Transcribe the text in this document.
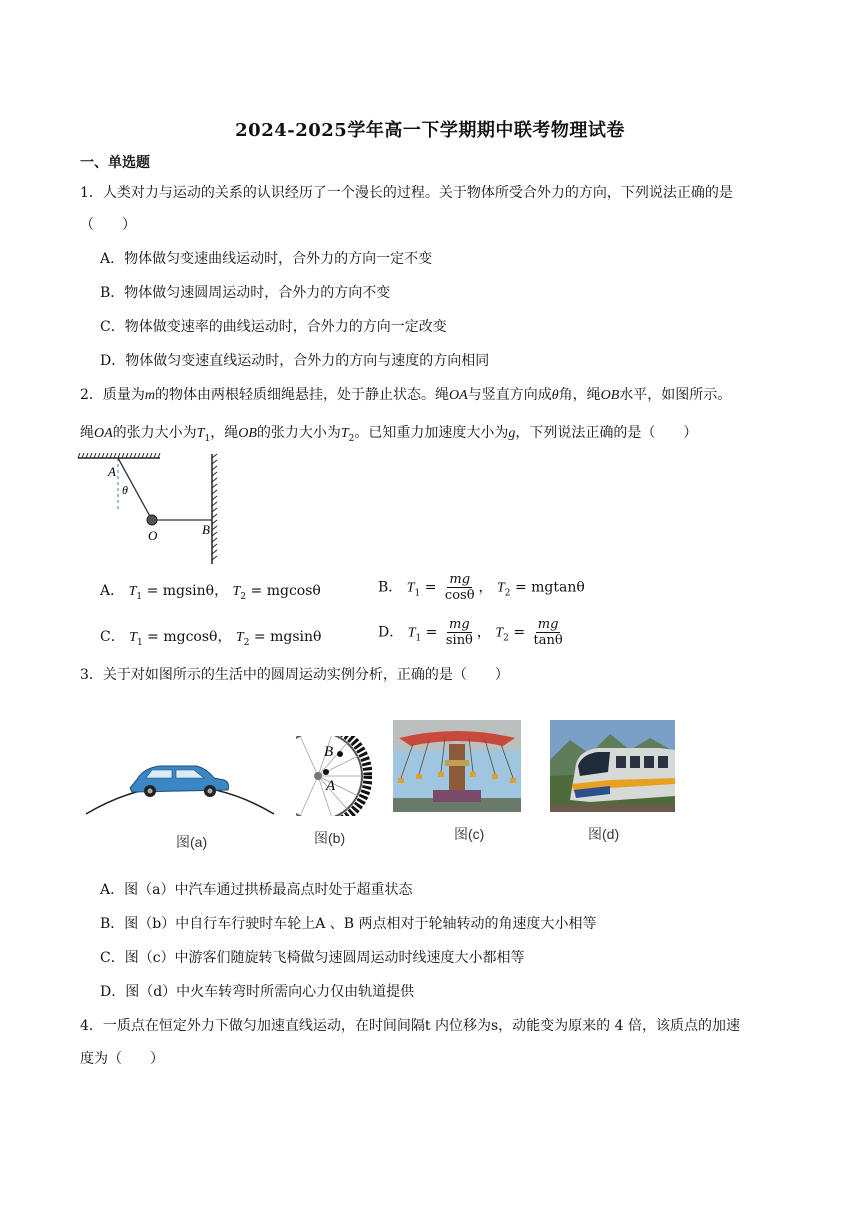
2024-2025学年高一下学期期中联考物理试卷
一、单选题
1．人类对力与运动的关系的认识经历了一个漫长的过程。关于物体所受合外力的方向，下列说法正确的是
（　　）
A．物体做匀变速曲线运动时，合外力的方向一定不变
B．物体做匀速圆周运动时，合外力的方向不变
C．物体做变速率的曲线运动时，合外力的方向一定改变
D．物体做匀变速直线运动时，合外力的方向与速度的方向相同
2．质量为m的物体由两根轻质细绳悬挂，处于静止状态。绳OA与竖直方向成θ角，绳OB水平，如图所示。
绳OA的张力大小为$T_1$，绳OB的张力大小为$T_2$。已知重力加速度大小为g，下列说法正确的是（　　）
A
θ
O	B
A． $T_1 = mgsin\theta$， $T_2 = mgcos\theta$	B． $T_1 = \frac{mg}{\cos\theta}$ ， $T_2 = mgtan\theta$
C． $T_1 = mgcos\theta$， $T_2 = mgsin\theta$	D． $T_1 = \frac{mg}{\sin\theta}$ ， $T_2 = \frac{mg}{\tan\theta}$
3．关于对如图所示的生活中的圆周运动实例分析，正确的是（　　）
图(a)
B
A
图(b)	图(c)	图(d)
A．图（a）中汽车通过拱桥最高点时处于超重状态
B．图（b）中自行车行驶时车轮上A 、B 两点相对于轮轴转动的角速度大小相等
C．图（c）中游客们随旋转飞椅做匀速圆周运动时线速度大小都相等
D．图（d）中火车转弯时所需向心力仅由轨道提供
4．一质点在恒定外力下做匀加速直线运动，在时间间隔t 内位移为s，动能变为原来的 4 倍，该质点的加速
度为（　　）
